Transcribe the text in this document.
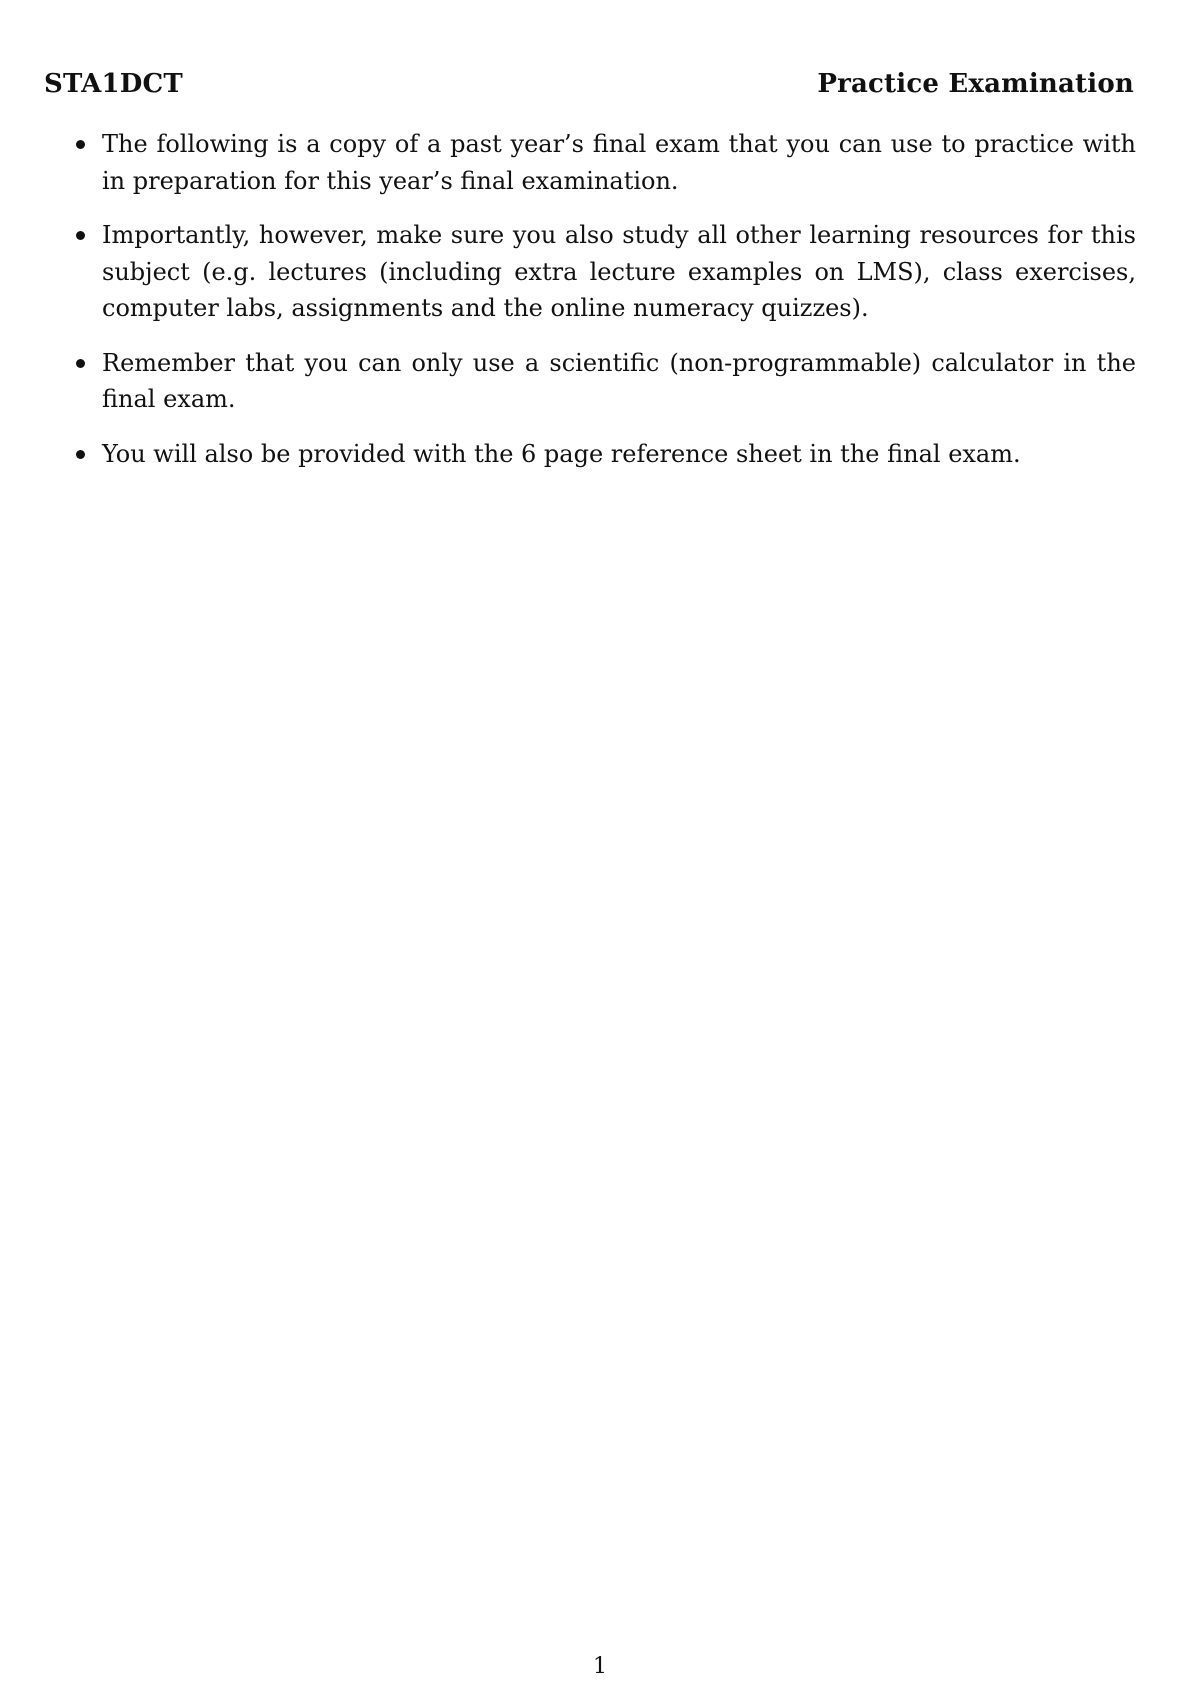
STA1DCT	Practice Examination
The following is a copy of a past year’s final exam that you can use to practice with in preparation for this year’s final examination.
Importantly, however, make sure you also study all other learning resources for this subject (e.g. lectures (including extra lecture examples on LMS), class exercises, computer labs, assignments and the online numeracy quizzes).
Remember that you can only use a scientific (non-programmable) calculator in the final exam.
You will also be provided with the 6 page reference sheet in the final exam.
1
